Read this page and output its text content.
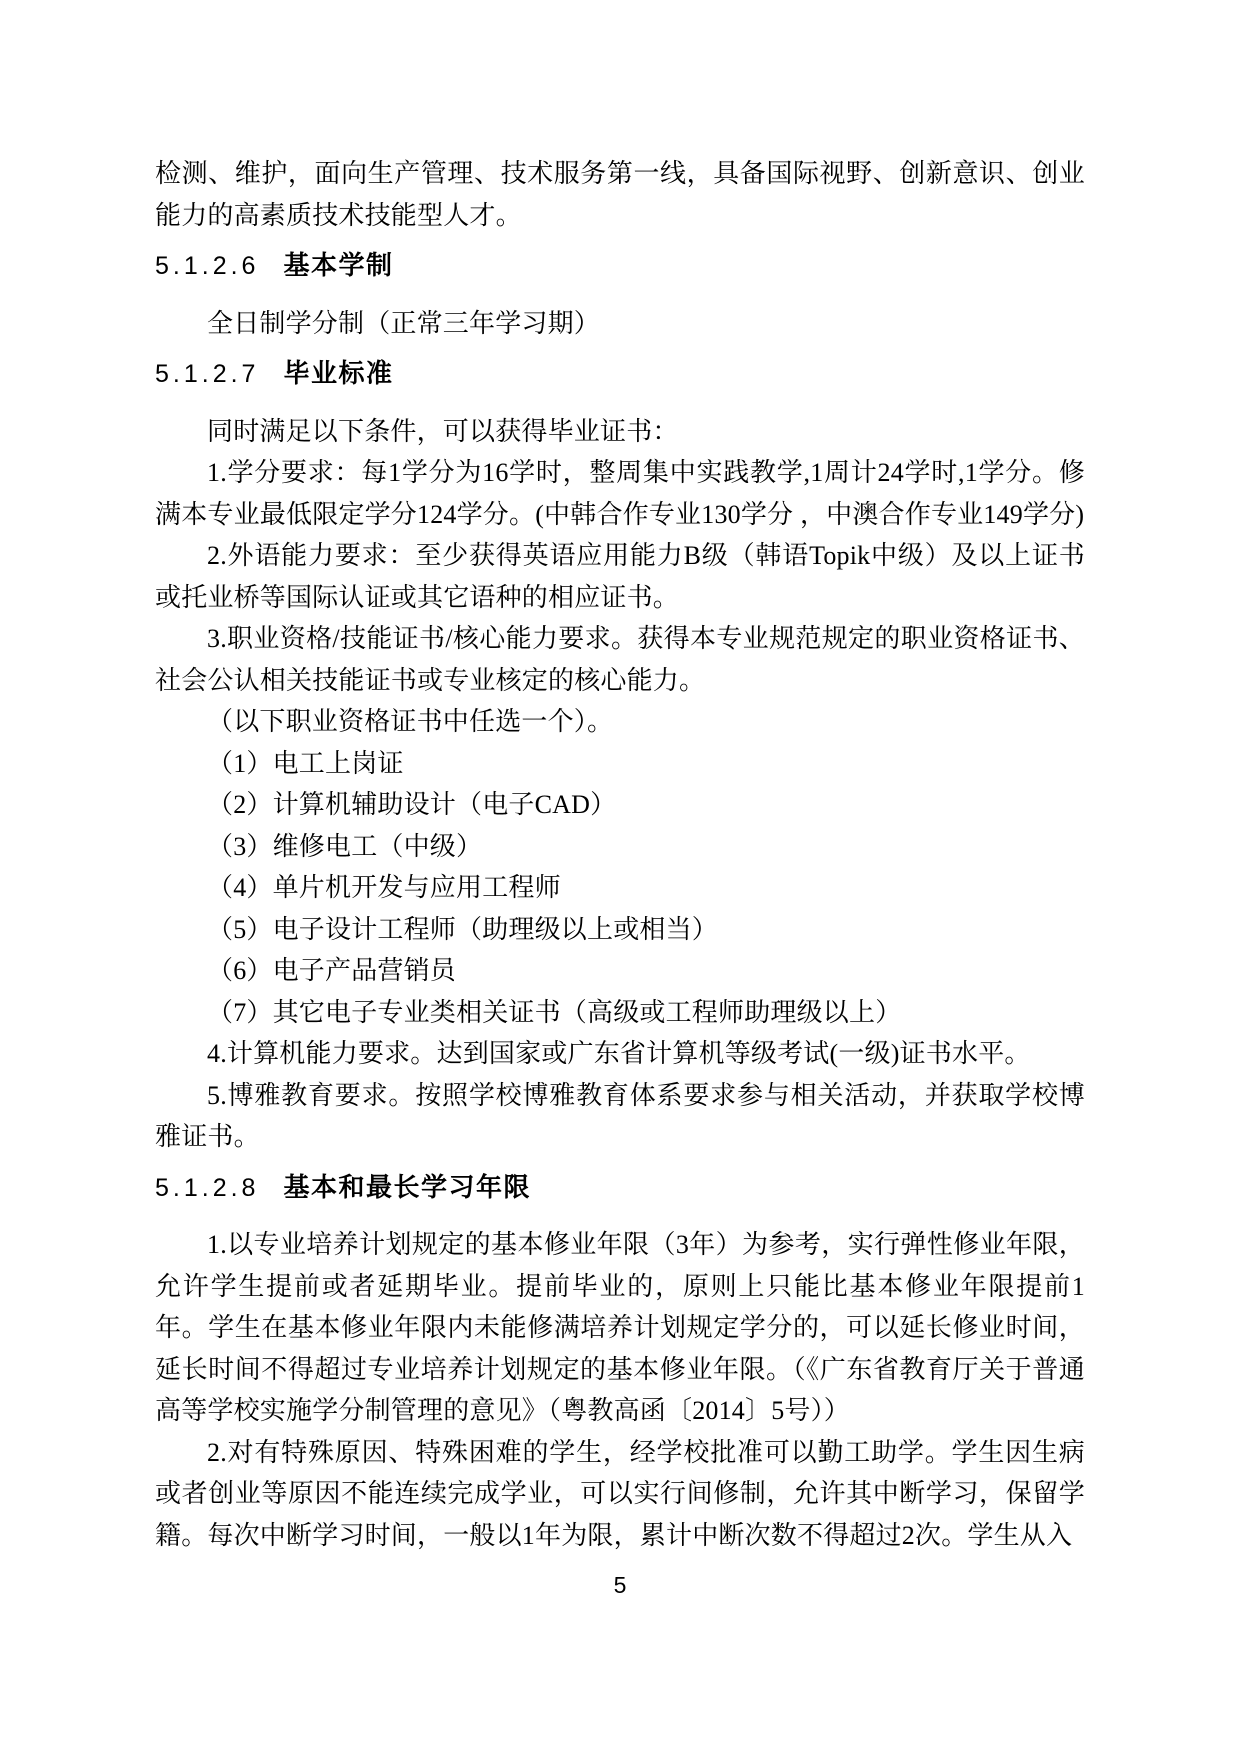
检测、维护，面向生产管理、技术服务第一线，具备国际视野、创新意识、创业能力的高素质技术技能型人才。

5.1.2.6 基本学制

全日制学分制（正常三年学习期）

5.1.2.7 毕业标准

同时满足以下条件，可以获得毕业证书：

1.学分要求：每1学分为16学时，整周集中实践教学,1周计24学时,1学分。修满本专业最低限定学分124学分。(中韩合作专业130学分 ，中澳合作专业149学分)

2.外语能力要求：至少获得英语应用能力B级（韩语Topik中级）及以上证书或托业桥等国际认证或其它语种的相应证书。

3.职业资格/技能证书/核心能力要求。获得本专业规范规定的职业资格证书、社会公认相关技能证书或专业核定的核心能力。

（以下职业资格证书中任选一个）。

（1）电工上岗证

（2）计算机辅助设计（电子CAD）

（3）维修电工（中级）

（4）单片机开发与应用工程师

（5）电子设计工程师（助理级以上或相当）

（6）电子产品营销员

（7）其它电子专业类相关证书（高级或工程师助理级以上）

4.计算机能力要求。达到国家或广东省计算机等级考试(一级)证书水平。

5.博雅教育要求。按照学校博雅教育体系要求参与相关活动，并获取学校博雅证书。

5.1.2.8 基本和最长学习年限

1.以专业培养计划规定的基本修业年限（3年）为参考，实行弹性修业年限，允许学生提前或者延期毕业。提前毕业的，原则上只能比基本修业年限提前1年。学生在基本修业年限内未能修满培养计划规定学分的，可以延长修业时间，延长时间不得超过专业培养计划规定的基本修业年限。（《广东省教育厅关于普通高等学校实施学分制管理的意见》（粤教高函〔2014〕5号））

2.对有特殊原因、特殊困难的学生，经学校批准可以勤工助学。学生因生病或者创业等原因不能连续完成学业，可以实行间修制，允许其中断学习，保留学籍。每次中断学习时间，一般以1年为限，累计中断次数不得超过2次。学生从入

5
